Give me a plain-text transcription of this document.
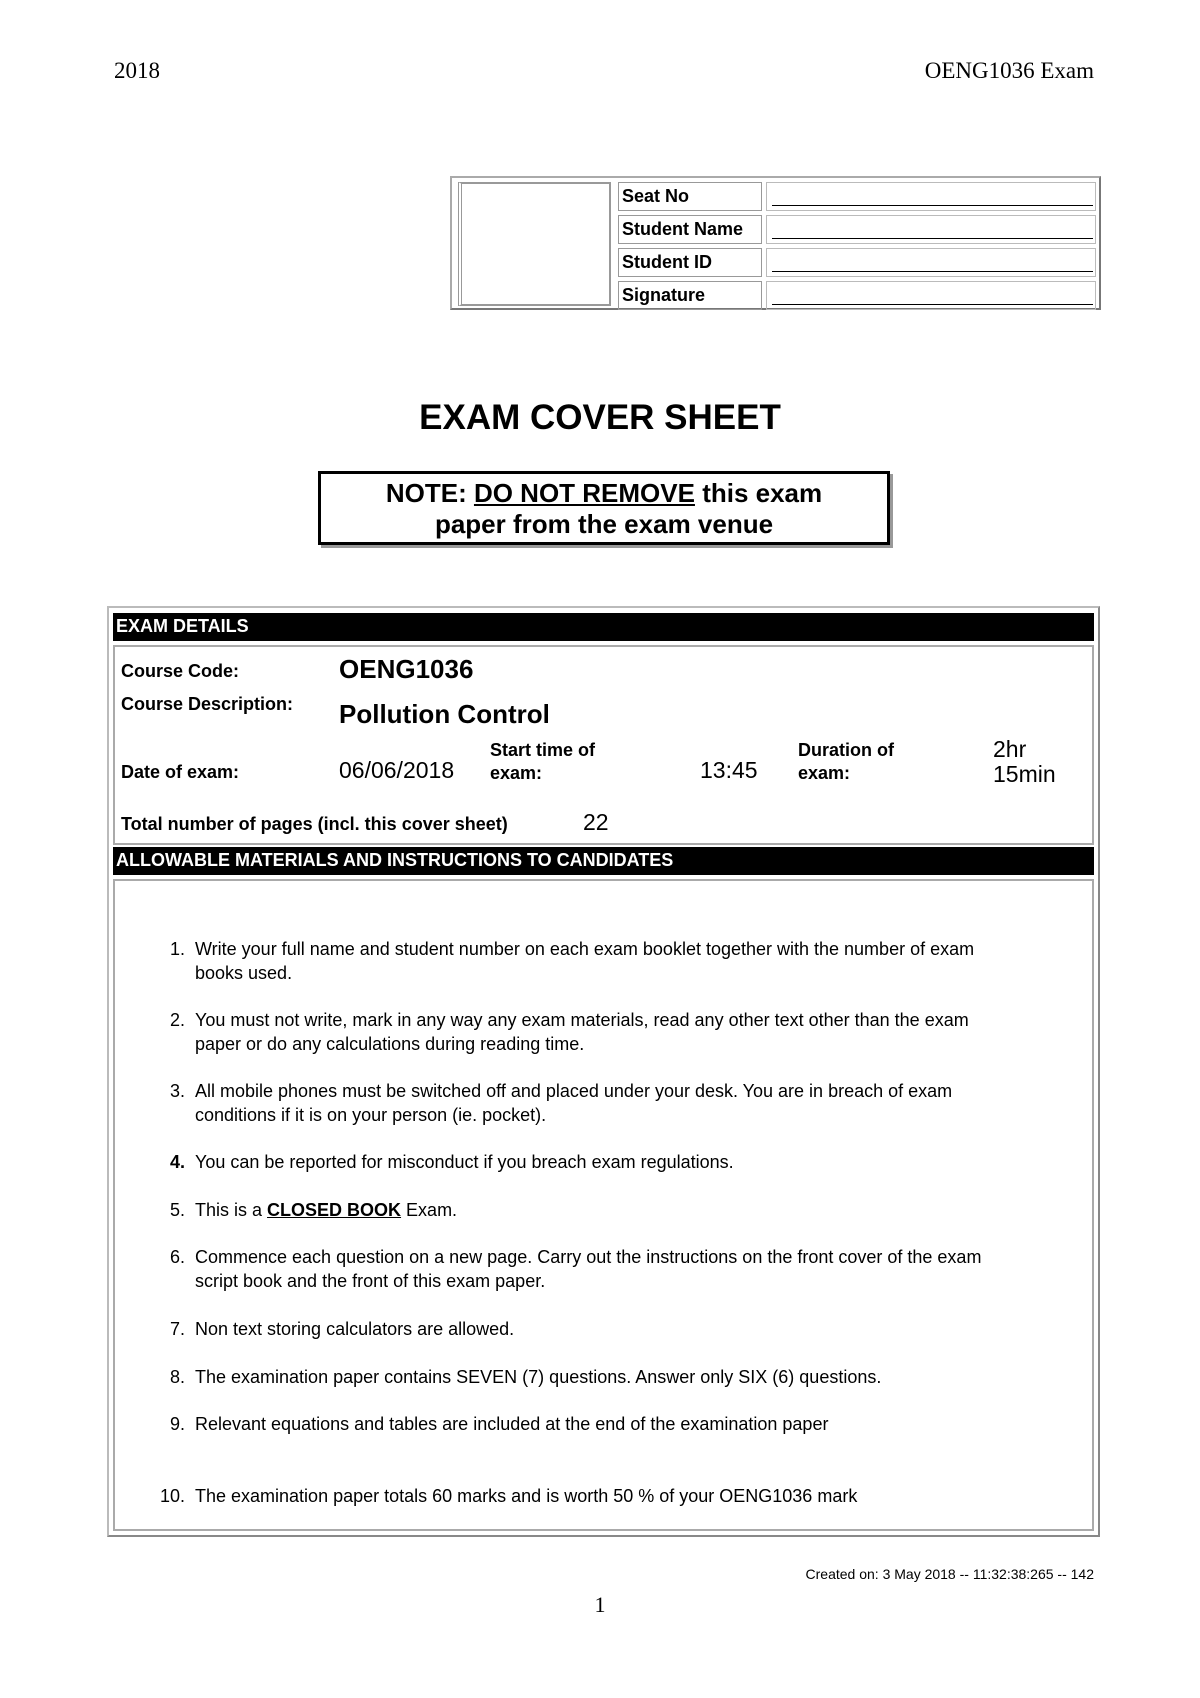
2018	OENG1036 Exam
Seat No
Student Name
Student ID
Signature
EXAM COVER SHEET
NOTE: DO NOT REMOVE this exam
paper from the exam venue
EXAM DETAILS
Course Code:	OENG1036
Course Description: Pollution Control
Date of exam:	06/06/2018
Start time of
exam:	13:45
Duration of
exam:
2hr
15min
Total number of pages (incl. this cover sheet)	22
ALLOWABLE MATERIALS AND INSTRUCTIONS TO CANDIDATES
1. Write your full name and student number on each exam booklet together with the number of exam
books used.
2. You must not write, mark in any way any exam materials, read any other text other than the exam
paper or do any calculations during reading time.
3. All mobile phones must be switched off and placed under your desk. You are in breach of exam
conditions if it is on your person (ie. pocket).
4. You can be reported for misconduct if you breach exam regulations.
5. This is a CLOSED BOOK Exam.
6. Commence each question on a new page. Carry out the instructions on the front cover of the exam
script book and the front of this exam paper.
7. Non text storing calculators are allowed.
8. The examination paper contains SEVEN (7) questions. Answer only SIX (6) questions.
9. Relevant equations and tables are included at the end of the examination paper
10. The examination paper totals 60 marks and is worth 50 % of your OENG1036 mark
Created on: 3 May 2018 -- 11:32:38:265 -- 142
1
